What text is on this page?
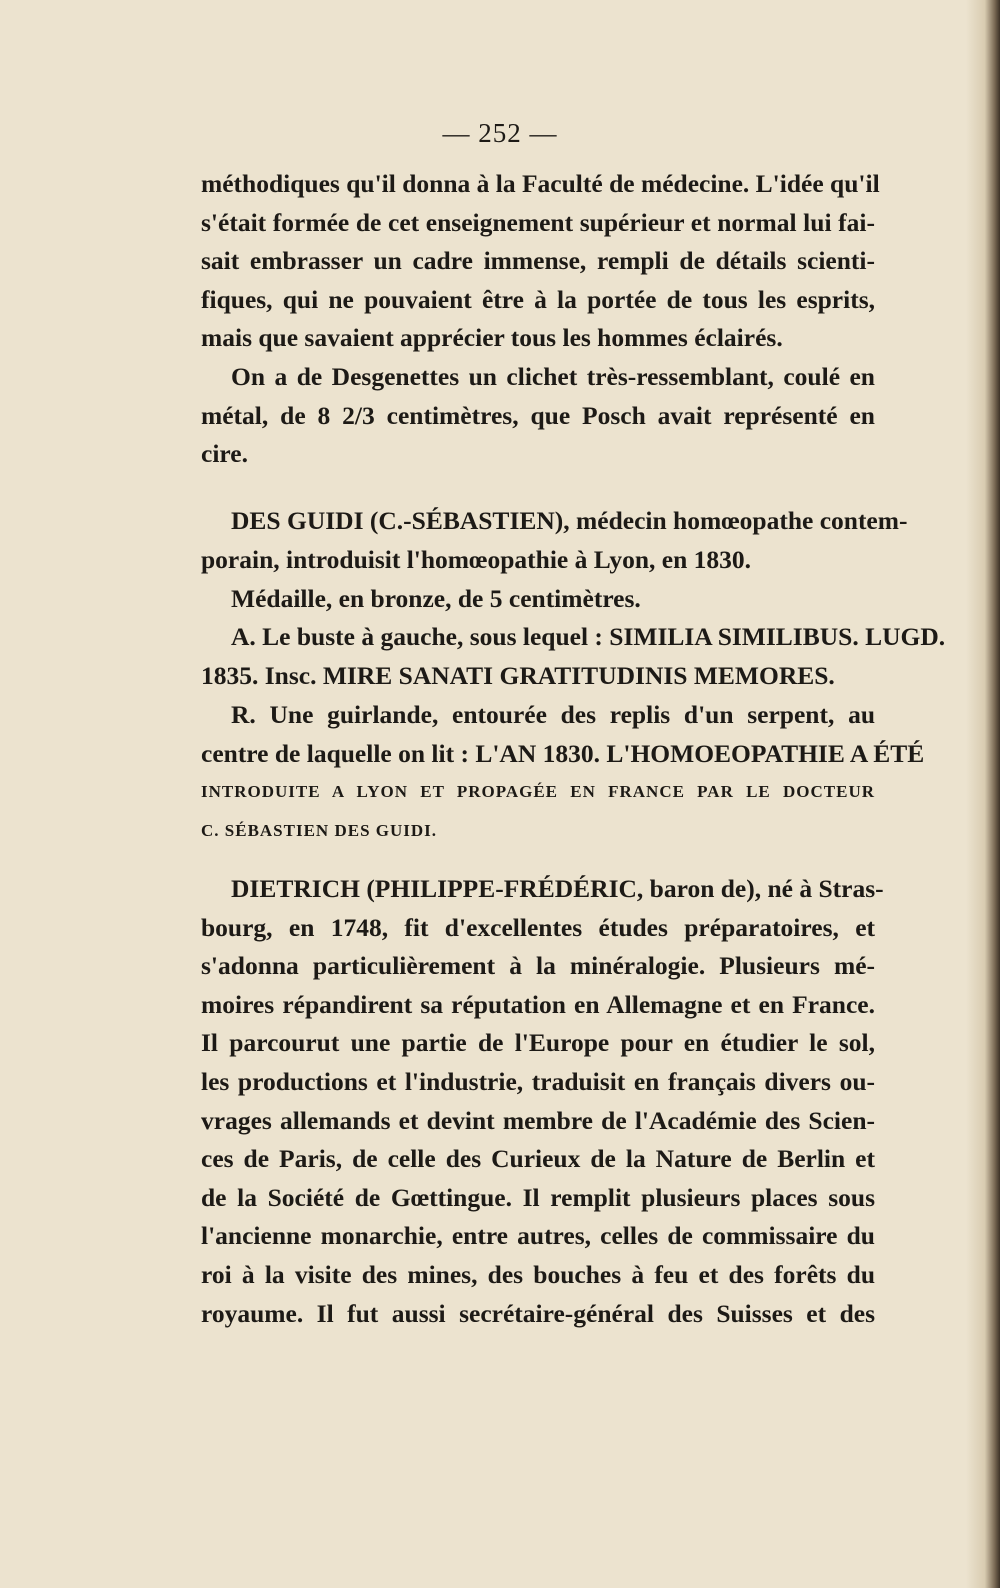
— 252 —
méthodiques qu'il donna à la Faculté de médecine. L'idée qu'il
s'était formée de cet enseignement supérieur et normal lui fai-
sait embrasser un cadre immense, rempli de détails scienti-
fiques, qui ne pouvaient être à la portée de tous les esprits,
mais que savaient apprécier tous les hommes éclairés.
On a de Desgenettes un clichet très-ressemblant, coulé en
métal, de 8 2/3 centimètres, que Posch avait représenté en
cire.
DES GUIDI (C.-SÉBASTIEN), médecin homœopathe contem-
porain, introduisit l'homœopathie à Lyon, en 1830.
Médaille, en bronze, de 5 centimètres.
A. Le buste à gauche, sous lequel : SIMILIA SIMILIBUS. LUGD.
1835. Insc. MIRE SANATI GRATITUDINIS MEMORES.
R. Une guirlande, entourée des replis d'un serpent, au
centre de laquelle on lit : L'AN 1830. L'HOMOEOPATHIE A ÉTÉ
INTRODUITE A LYON ET PROPAGÉE EN FRANCE PAR LE DOCTEUR
C. SÉBASTIEN DES GUIDI.
DIETRICH (PHILIPPE-FRÉDÉRIC, baron de), né à Stras-
bourg, en 1748, fit d'excellentes études préparatoires, et
s'adonna particulièrement à la minéralogie. Plusieurs mé-
moires répandirent sa réputation en Allemagne et en France.
Il parcourut une partie de l'Europe pour en étudier le sol,
les productions et l'industrie, traduisit en français divers ou-
vrages allemands et devint membre de l'Académie des Scien-
ces de Paris, de celle des Curieux de la Nature de Berlin et
de la Société de Gœttingue. Il remplit plusieurs places sous
l'ancienne monarchie, entre autres, celles de commissaire du
roi à la visite des mines, des bouches à feu et des forêts du
royaume. Il fut aussi secrétaire-général des Suisses et des
